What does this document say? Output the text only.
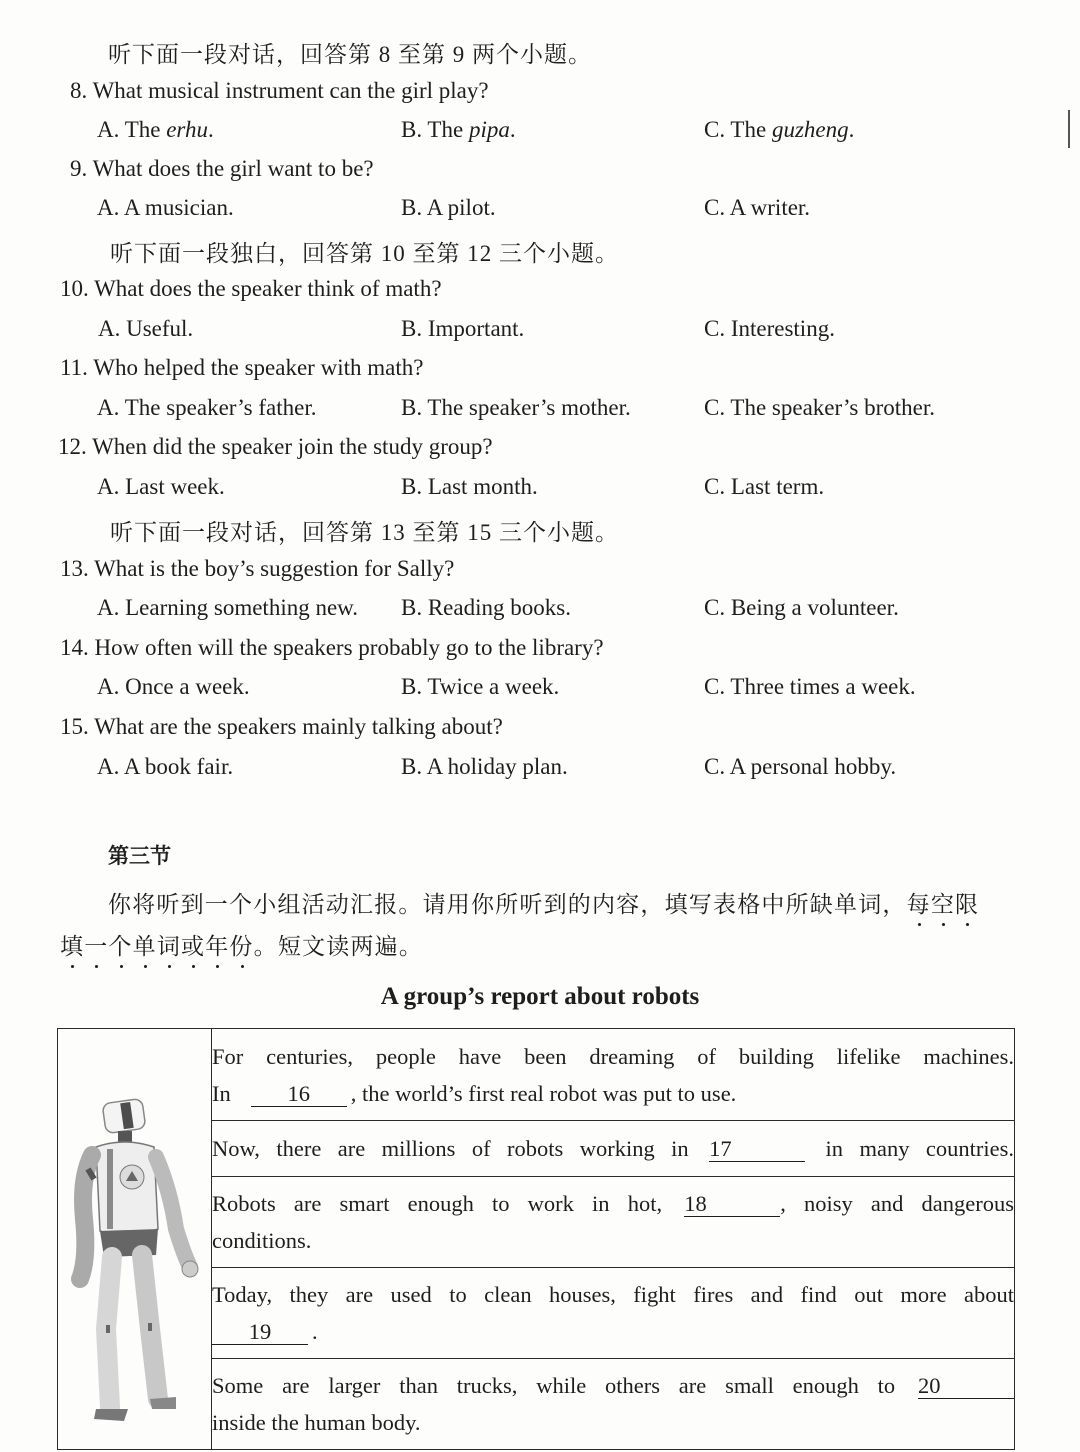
听下面一段对话，回答第 8 至第 9 两个小题。
8. What musical instrument can the girl play?
A. The erhu.	B. The pipa.	C. The guzheng.
9. What does the girl want to be?
A. A musician.	B. A pilot.	C. A writer.
听下面一段独白，回答第 10 至第 12 三个小题。
10. What does the speaker think of math?
A. Useful.	B. Important.	C. Interesting.
11. Who helped the speaker with math?
A. The speaker’s father.	B. The speaker’s mother.	C. The speaker’s brother.
12. When did the speaker join the study group?
A. Last week.	B. Last month.	C. Last term.
听下面一段对话，回答第 13 至第 15 三个小题。
13. What is the boy’s suggestion for Sally?
A. Learning something new. B. Reading books.	C. Being a volunteer.
14. How often will the speakers probably go to the library?
A. Once a week.	B. Twice a week.	C. Three times a week.
15. What are the speakers mainly talking about?
A. A book fair.	B. A holiday plan.	C. A personal hobby.
第三节
你将听到一个小组活动汇报。请用你所听到的内容，填写表格中所缺单词，每空限
填一个单词或年份。短文读两遍。
A group’s report about robots

For centuries, people have been dreaming of building lifelike machines.
In	16 , the world’s first real robot was put to use.

Now, there are millions of robots working in 17	in many countries.

Robots are smart enough to work in hot, 18	, noisy and dangerous
conditions.

Today, they are used to clean houses, fight fires and find out more about
19 .

Some are larger than trucks, while others are small enough to 20
inside the human body.
